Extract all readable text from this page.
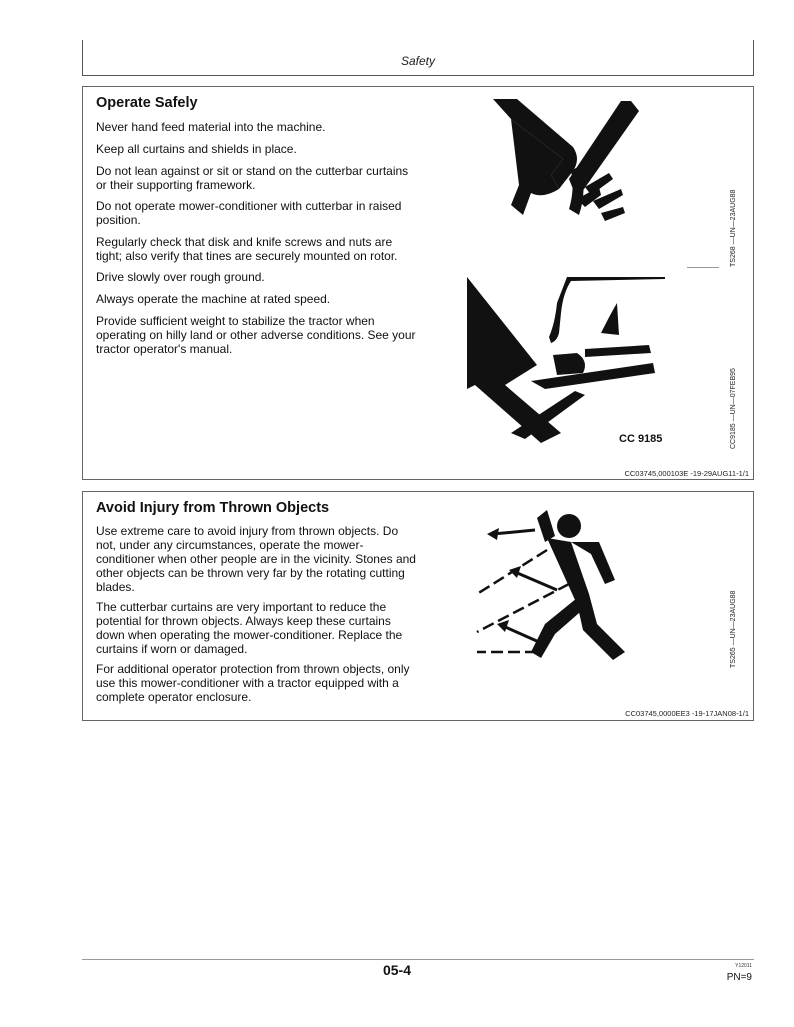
Safety
Operate Safely

Never hand feed material into the machine.

Keep all curtains and shields in place.

Do not lean against or sit or stand on the cutterbar curtains or their supporting framework.

Do not operate mower-conditioner with cutterbar in raised position.

Regularly check that disk and knife screws and nuts are tight; also verify that tines are securely mounted on rotor.

Drive slowly over rough ground.

Always operate the machine at rated speed.

Provide sufficient weight to stabilize the tractor when operating on hilly land or other adverse conditions. See your tractor operator's manual.

CC 9185
TS268 —UN—23AUG88
CC9185 —UN—07FEB95
CC03745,000103E -19-29AUG11-1/1
Avoid Injury from Thrown Objects

Use extreme care to avoid injury from thrown objects. Do not, under any circumstances, operate the mower-conditioner when other people are in the vicinity. Stones and other objects can be thrown very far by the rotating cutting blades.

The cutterbar curtains are very important to reduce the potential for thrown objects. Always keep these curtains down when operating the mower-conditioner. Replace the curtains if worn or damaged.

For additional operator protection from thrown objects, only use this mower-conditioner with a tractor equipped with a complete operator enclosure.

TS265 —UN—23AUG88
CC03745,0000EE3 -19-17JAN08-1/1
05-4	Y12011
PN=9
